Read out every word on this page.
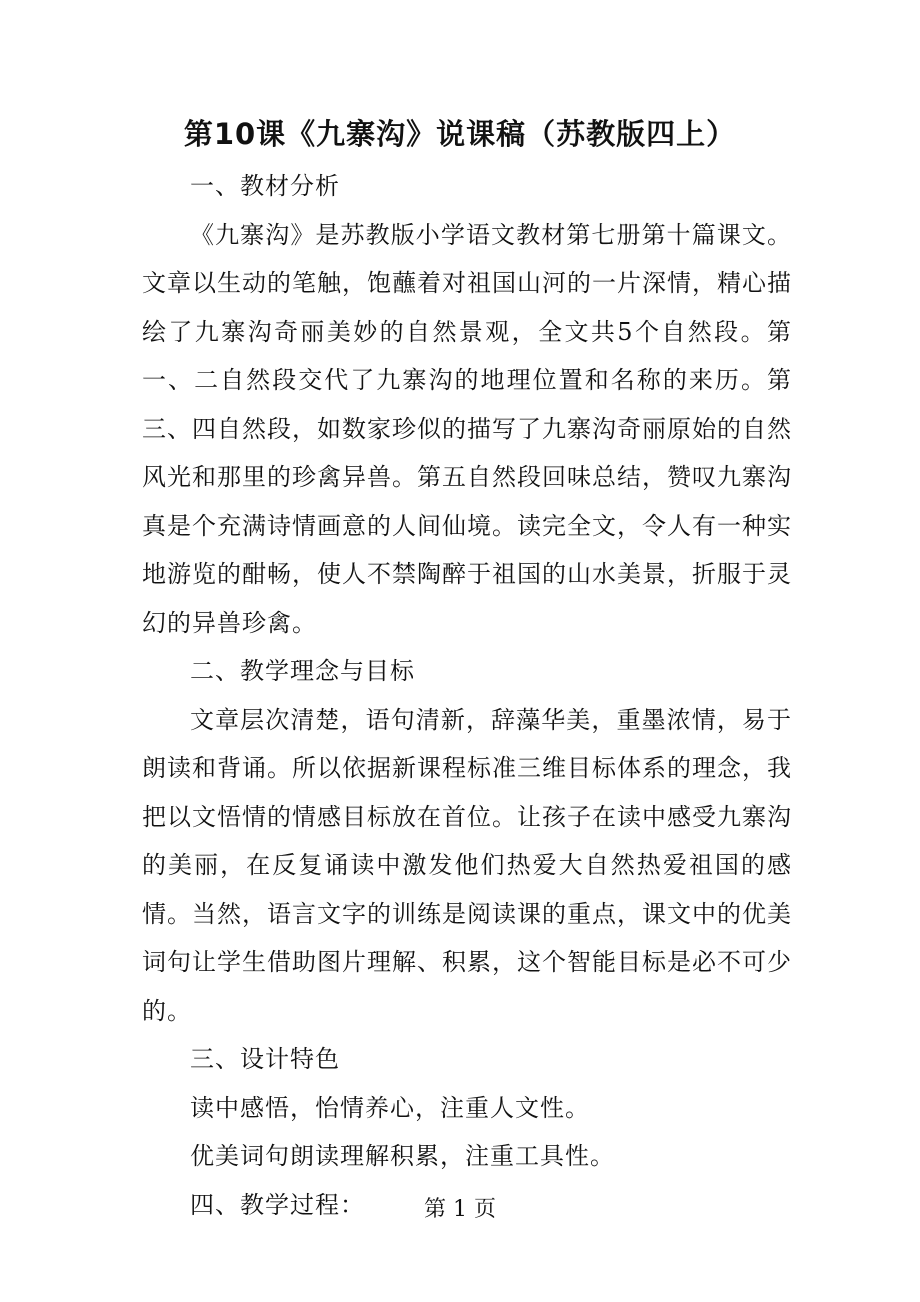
第10课《九寨沟》说课稿（苏教版四上）

一、教材分析

《九寨沟》是苏教版小学语文教材第七册第十篇课文。文章以生动的笔触，饱蘸着对祖国山河的一片深情，精心描绘了九寨沟奇丽美妙的自然景观，全文共5个自然段。第一、二自然段交代了九寨沟的地理位置和名称的来历。第三、四自然段，如数家珍似的描写了九寨沟奇丽原始的自然风光和那里的珍禽异兽。第五自然段回味总结，赞叹九寨沟真是个充满诗情画意的人间仙境。读完全文，令人有一种实地游览的酣畅，使人不禁陶醉于祖国的山水美景，折服于灵幻的异兽珍禽。

二、教学理念与目标

文章层次清楚，语句清新，辞藻华美，重墨浓情，易于朗读和背诵。所以依据新课程标准三维目标体系的理念，我把以文悟情的情感目标放在首位。让孩子在读中感受九寨沟的美丽，在反复诵读中激发他们热爱大自然热爱祖国的感情。当然，语言文字的训练是阅读课的重点，课文中的优美词句让学生借助图片理解、积累，这个智能目标是必不可少的。

三、设计特色

读中感悟，怡情养心，注重人文性。

优美词句朗读理解积累，注重工具性。

四、教学过程：	第 1 页
